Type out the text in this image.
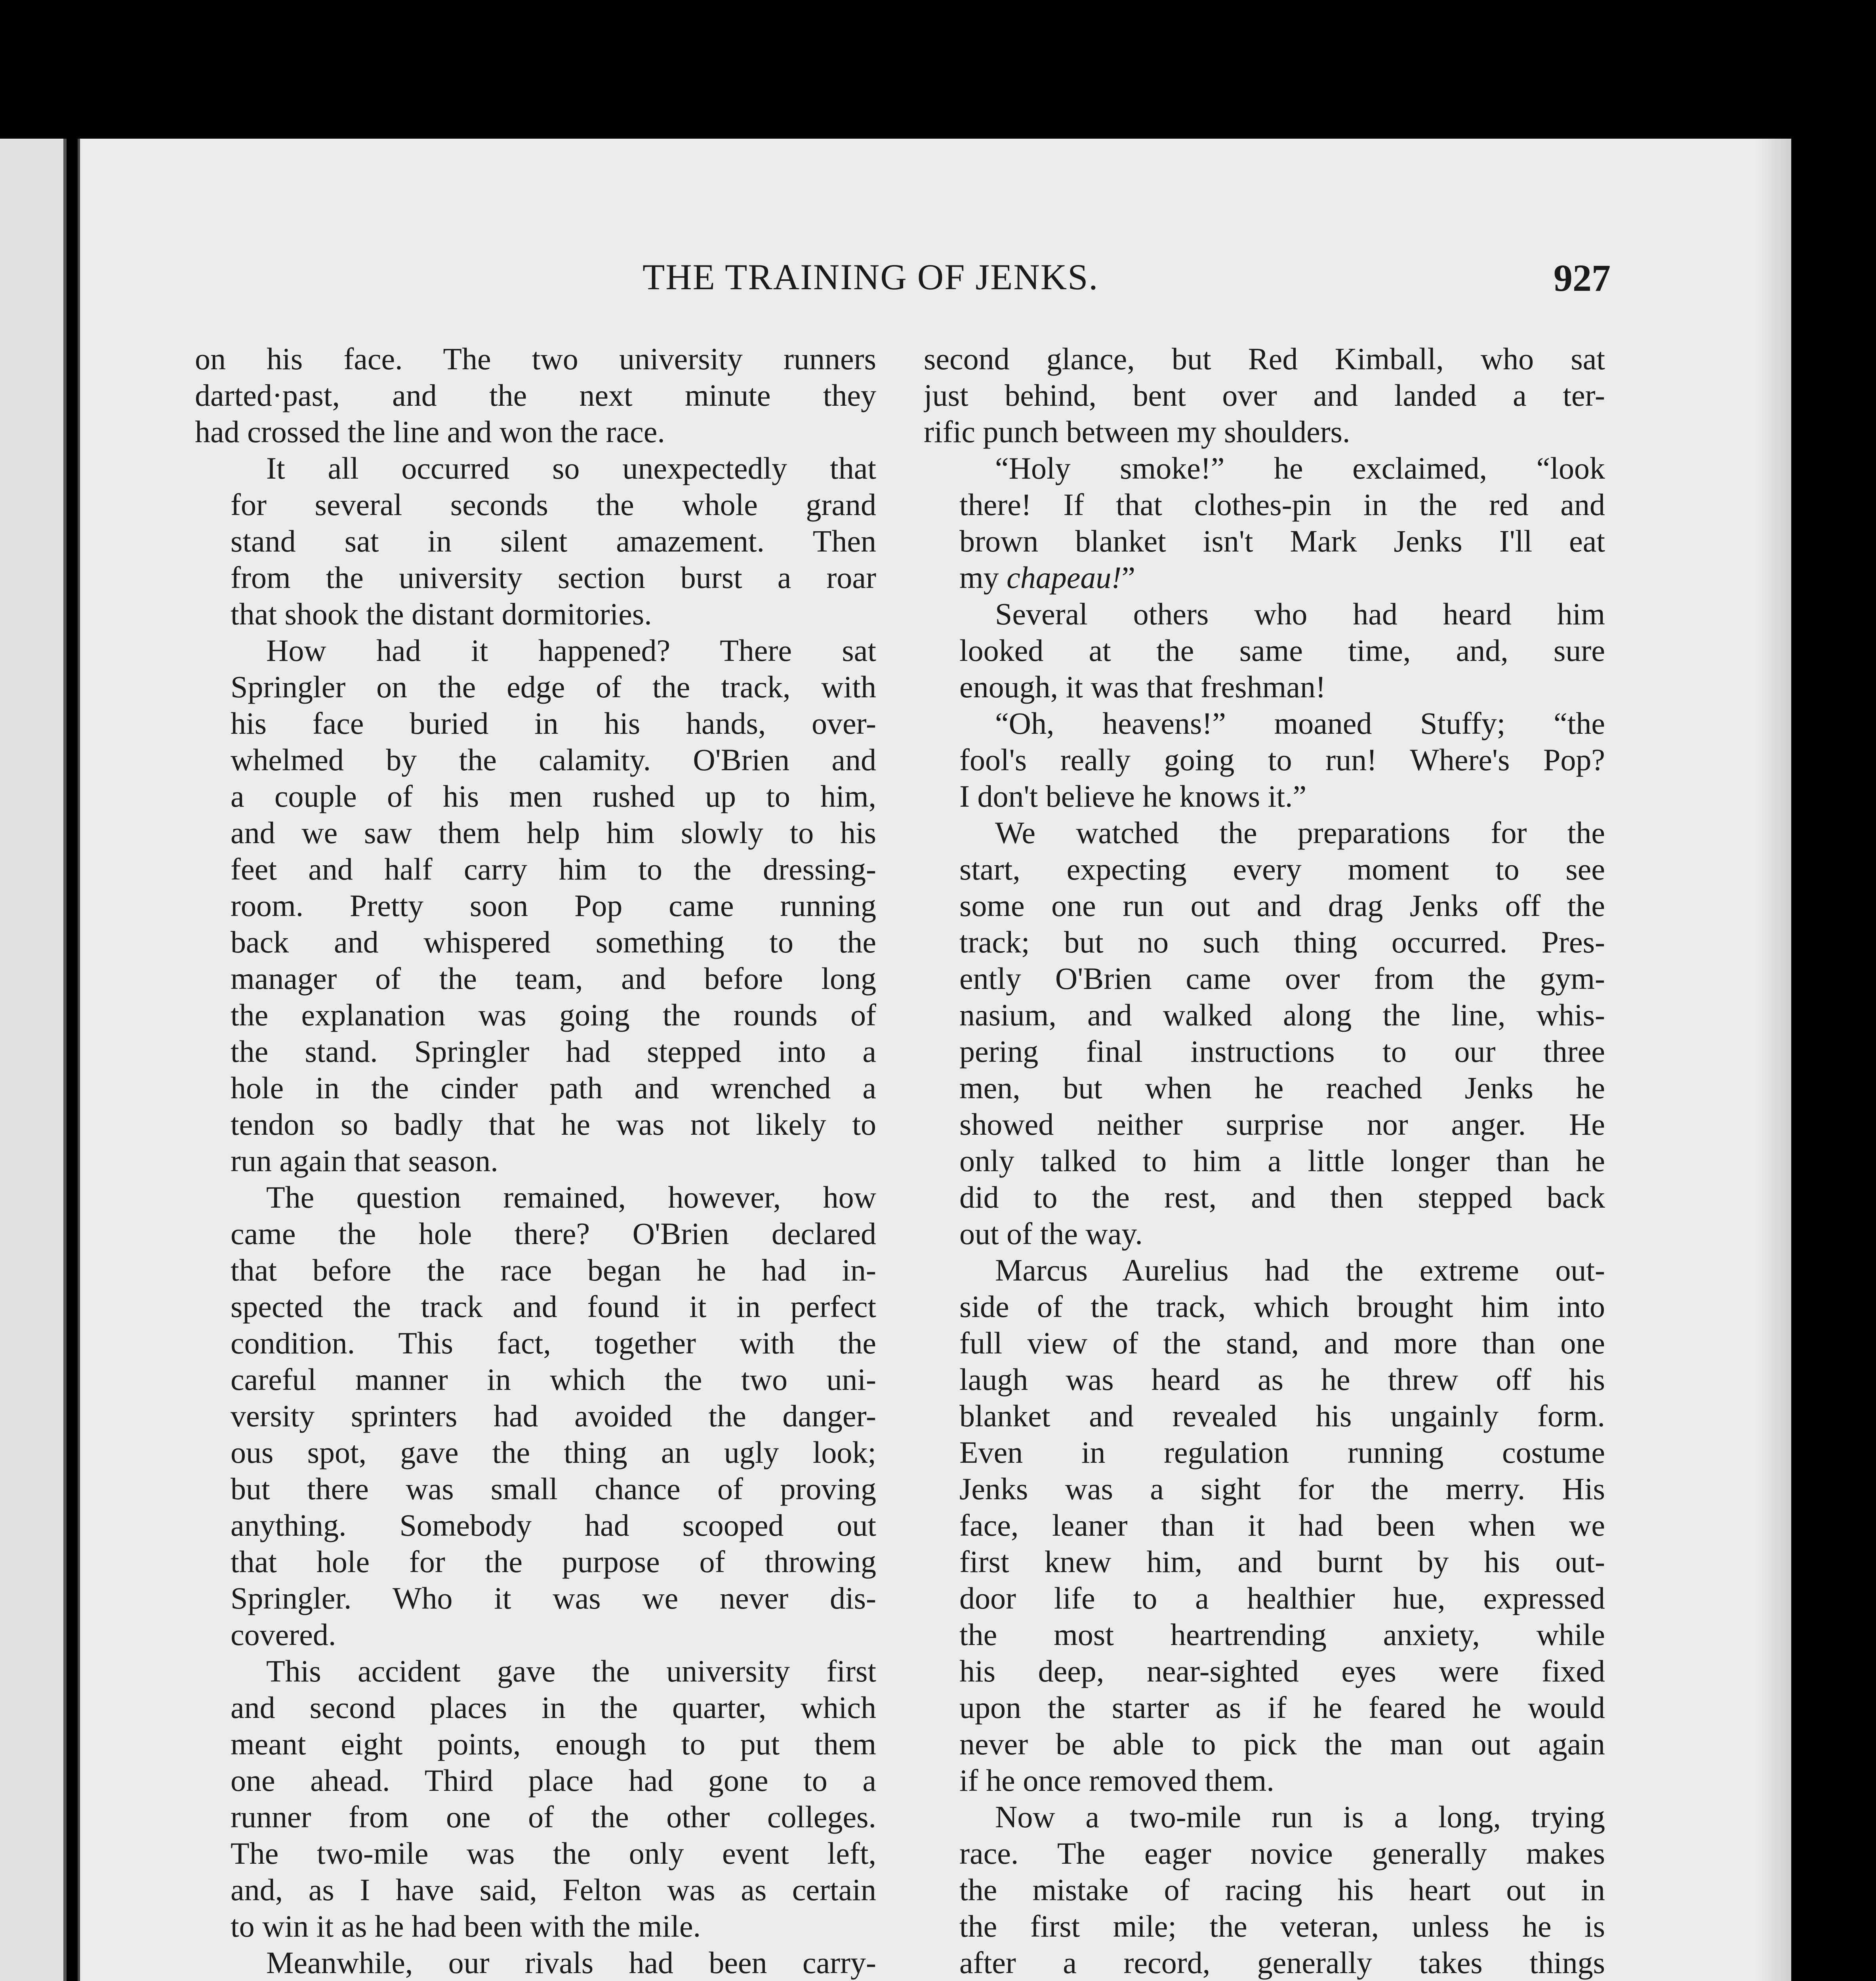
THE TRAINING OF JENKS.	927

on his face. The two university runners
darted·past, and the next minute they
had crossed the line and won the race.

It all occurred so unexpectedly that
for several seconds the whole grand
stand sat in silent amazement. Then
from the university section burst a roar
that shook the distant dormitories.

How had it happened? There sat
Springler on the edge of the track, with
his face buried in his hands, over-
whelmed by the calamity. O'Brien and
a couple of his men rushed up to him,
and we saw them help him slowly to his
feet and half carry him to the dressing-
room. Pretty soon Pop came running
back and whispered something to the
manager of the team, and before long
the explanation was going the rounds of
the stand. Springler had stepped into a
hole in the cinder path and wrenched a
tendon so badly that he was not likely to
run again that season.

The question remained, however, how
came the hole there? O'Brien declared
that before the race began he had in-
spected the track and found it in perfect
condition. This fact, together with the
careful manner in which the two uni-
versity sprinters had avoided the danger-
ous spot, gave the thing an ugly look;
but there was small chance of proving
anything. Somebody had scooped out
that hole for the purpose of throwing
Springler. Who it was we never dis-
covered.

This accident gave the university first
and second places in the quarter, which
meant eight points, enough to put them
one ahead. Third place had gone to a
runner from one of the other colleges.
The two-mile was the only event left,
and, as I have said, Felton was as certain
to win it as he had been with the mile.

Meanwhile, our rivals had been carry-

second glance, but Red Kimball, who sat
just behind, bent over and landed a ter-
rific punch between my shoulders.

“Holy smoke!” he exclaimed, “look
there! If that clothes-pin in the red and
brown blanket isn't Mark Jenks I'll eat
my chapeau!”

Several others who had heard him
looked at the same time, and, sure
enough, it was that freshman!

“Oh, heavens!” moaned Stuffy; “the
fool's really going to run! Where's Pop?
I don't believe he knows it.”

We watched the preparations for the
start, expecting every moment to see
some one run out and drag Jenks off the
track; but no such thing occurred. Pres-
ently O'Brien came over from the gym-
nasium, and walked along the line, whis-
pering final instructions to our three
men, but when he reached Jenks he
showed neither surprise nor anger. He
only talked to him a little longer than he
did to the rest, and then stepped back
out of the way.

Marcus Aurelius had the extreme out-
side of the track, which brought him into
full view of the stand, and more than one
laugh was heard as he threw off his
blanket and revealed his ungainly form.
Even in regulation running costume
Jenks was a sight for the merry. His
face, leaner than it had been when we
first knew him, and burnt by his out-
door life to a healthier hue, expressed
the most heartrending anxiety, while
his deep, near-sighted eyes were fixed
upon the starter as if he feared he would
never be able to pick the man out again
if he once removed them.

Now a two-mile run is a long, trying
race. The eager novice generally makes
the mistake of racing his heart out in
the first mile; the veteran, unless he is
after a record, generally takes things
